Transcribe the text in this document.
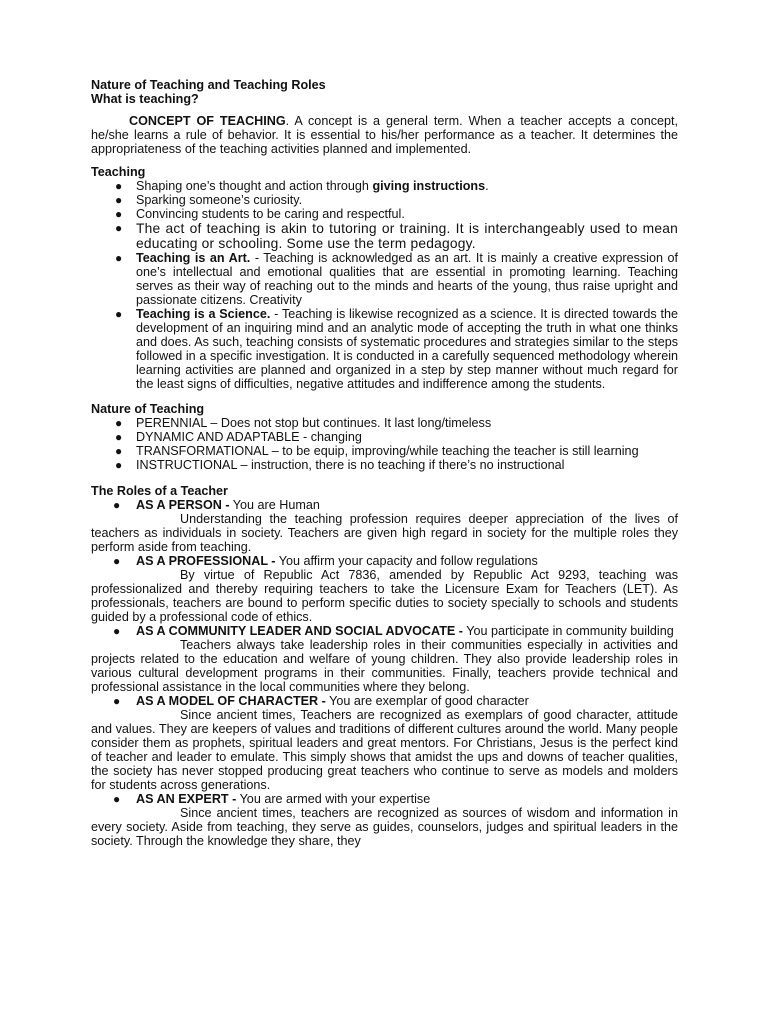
Nature of Teaching and Teaching Roles

What is teaching?

CONCEPT OF TEACHING. A concept is a general term. When a teacher accepts a concept, he/she learns a rule of behavior. It is essential to his/her performance as a teacher. It determines the appropriateness of the teaching activities planned and implemented.

Teaching

● Shaping one’s thought and action through giving instructions.
● Sparking someone’s curiosity.
● Convincing students to be caring and respectful.
● The act of teaching is akin to tutoring or training. It is interchangeably used to mean educating or schooling. Some use the term pedagogy.
● Teaching is an Art. - Teaching is acknowledged as an art. It is mainly a creative expression of one’s intellectual and emotional qualities that are essential in promoting learning. Teaching serves as their way of reaching out to the minds and hearts of the young, thus raise upright and passionate citizens. Creativity
● Teaching is a Science. - Teaching is likewise recognized as a science. It is directed towards the development of an inquiring mind and an analytic mode of accepting the truth in what one thinks and does. As such, teaching consists of systematic procedures and strategies similar to the steps followed in a specific investigation. It is conducted in a carefully sequenced methodology wherein learning activities are planned and organized in a step by step manner without much regard for the least signs of difficulties, negative attitudes and indifference among the students.

Nature of Teaching

● PERENNIAL – Does not stop but continues. It last long/timeless
● DYNAMIC AND ADAPTABLE - changing
● TRANSFORMATIONAL – to be equip, improving/while teaching the teacher is still learning
● INSTRUCTIONAL – instruction, there is no teaching if there’s no instructional

The Roles of a Teacher

● AS A PERSON - You are Human
Understanding the teaching profession requires deeper appreciation of the lives of teachers as individuals in society. Teachers are given high regard in society for the multiple roles they perform aside from teaching.
● AS A PROFESSIONAL - You affirm your capacity and follow regulations
By virtue of Republic Act 7836, amended by Republic Act 9293, teaching was professionalized and thereby requiring teachers to take the Licensure Exam for Teachers (LET). As professionals, teachers are bound to perform specific duties to society specially to schools and students guided by a professional code of ethics.
● AS A COMMUNITY LEADER AND SOCIAL ADVOCATE - You participate in community building
Teachers always take leadership roles in their communities especially in activities and projects related to the education and welfare of young children. They also provide leadership roles in various cultural development programs in their communities. Finally, teachers provide technical and professional assistance in the local communities where they belong.
● AS A MODEL OF CHARACTER - You are exemplar of good character
Since ancient times, Teachers are recognized as exemplars of good character, attitude and values. They are keepers of values and traditions of different cultures around the world. Many people consider them as prophets, spiritual leaders and great mentors. For Christians, Jesus is the perfect kind of teacher and leader to emulate. This simply shows that amidst the ups and downs of teacher qualities, the society has never stopped producing great teachers who continue to serve as models and molders for students across generations.
● AS AN EXPERT - You are armed with your expertise
Since ancient times, teachers are recognized as sources of wisdom and information in every society. Aside from teaching, they serve as guides, counselors, judges and spiritual leaders in the society. Through the knowledge they share, they
